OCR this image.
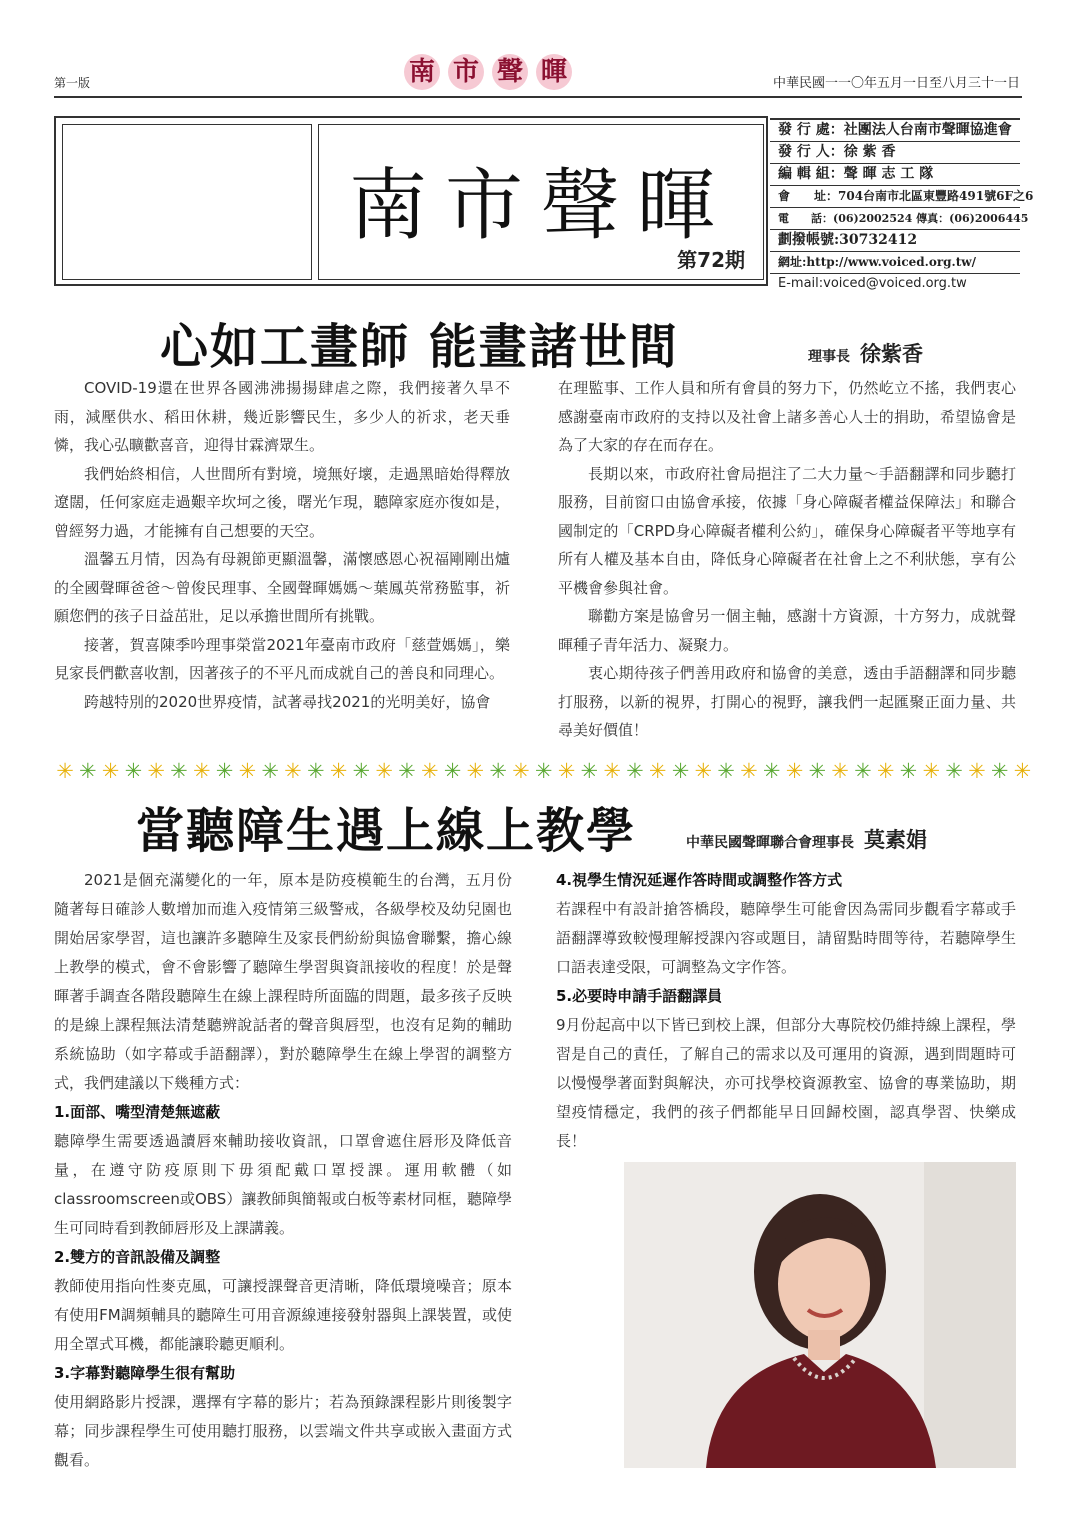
第一版	南 市 聲 暉	中華民國一一〇年五月一日至八月三十一日
南市聲暉
第72期
發 行 處：社團法人台南市聲暉協進會
發 行 人：徐 紫 香
編 輯 組：聲 暉 志 工 隊
會　　址：704台南市北區東豐路491號6F之6
電　　話：(06)2002524 傳真：(06)2006445
劃撥帳號:30732412
網址:http://www.voiced.org.tw/
E-mail:voiced@voiced.org.tw
心如工畫師 能畫諸世間	理事長 徐紫香

COVID-19還在世界各國沸沸揚揚肆虐之際，我們接著久旱不雨，減壓供水、稻田休耕，幾近影響民生，多少人的祈求，老天垂憐，我心弘曠歡喜音，迎得甘霖濟眾生。

我們始終相信，人世間所有對境，境無好壞，走過黑暗始得釋放遼闊，任何家庭走過艱辛坎坷之後，曙光乍現，聽障家庭亦復如是，曾經努力過，才能擁有自己想要的天空。

溫馨五月情，因為有母親節更顯溫馨，滿懷感恩心祝福剛剛出爐的全國聲暉爸爸～曾俊民理事、全國聲暉媽媽～葉鳳英常務監事，祈願您們的孩子日益茁壯，足以承擔世間所有挑戰。

接著，賀喜陳季吟理事榮當2021年臺南市政府「慈萱媽媽」，樂見家長們歡喜收割，因著孩子的不平凡而成就自己的善良和同理心。

跨越特別的2020世界疫情，試著尋找2021的光明美好，協會

在理監事、工作人員和所有會員的努力下，仍然屹立不搖，我們衷心感謝臺南市政府的支持以及社會上諸多善心人士的捐助，希望協會是為了大家的存在而存在。

長期以來，市政府社會局挹注了二大力量～手語翻譯和同步聽打服務，目前窗口由協會承接，依據「身心障礙者權益保障法」和聯合國制定的「CRPD身心障礙者權利公約」，確保身心障礙者平等地享有所有人權及基本自由，降低身心障礙者在社會上之不利狀態，享有公平機會參與社會。

聯勸方案是協會另一個主軸，感謝十方資源，十方努力，成就聲暉種子青年活力、凝聚力。

衷心期待孩子們善用政府和協會的美意，透由手語翻譯和同步聽打服務，以新的視界，打開心的視野，讓我們一起匯聚正面力量、共尋美好價值！

✳ ✳ ✳ ✳ ✳ ✳ ✳ ✳ ✳ ✳ ✳ ✳ ✳ ✳ ✳ ✳ ✳ ✳ ✳ ✳ ✳ ✳ ✳ ✳ ✳ ✳ ✳ ✳ ✳ ✳ ✳ ✳ ✳ ✳ ✳ ✳ ✳ ✳ ✳ ✳ ✳ ✳ ✳
當聽障生遇上線上教學	中華民國聲暉聯合會理事長 莫素娟

2021是個充滿變化的一年，原本是防疫模範生的台灣，五月份隨著每日確診人數增加而進入疫情第三級警戒，各級學校及幼兒園也開始居家學習，這也讓許多聽障生及家長們紛紛與協會聯繫，擔心線上教學的模式，會不會影響了聽障生學習與資訊接收的程度！於是聲暉著手調查各階段聽障生在線上課程時所面臨的問題，最多孩子反映的是線上課程無法清楚聽辨說話者的聲音與唇型，也沒有足夠的輔助系統協助（如字幕或手語翻譯），對於聽障學生在線上學習的調整方式，我們建議以下幾種方式：

1.面部、嘴型清楚無遮蔽

聽障學生需要透過讀唇來輔助接收資訊，口罩會遮住唇形及降低音量，在遵守防疫原則下毋須配戴口罩授課。運用軟體（如classroomscreen或OBS）讓教師與簡報或白板等素材同框，聽障學生可同時看到教師唇形及上課講義。

2.雙方的音訊設備及調整

教師使用指向性麥克風，可讓授課聲音更清晰，降低環境噪音；原本有使用FM調頻輔具的聽障生可用音源線連接發射器與上課裝置，或使用全罩式耳機，都能讓聆聽更順利。

3.字幕對聽障學生很有幫助

使用網路影片授課，選擇有字幕的影片；若為預錄課程影片則後製字幕；同步課程學生可使用聽打服務，以雲端文件共享或嵌入畫面方式觀看。

4.視學生情況延遲作答時間或調整作答方式

若課程中有設計搶答橋段，聽障學生可能會因為需同步觀看字幕或手語翻譯導致較慢理解授課內容或題目，請留點時間等待，若聽障學生口語表達受限，可調整為文字作答。

5.必要時申請手語翻譯員

9月份起高中以下皆已到校上課，但部分大專院校仍維持線上課程，學習是自己的責任，了解自己的需求以及可運用的資源，遇到問題時可以慢慢學著面對與解決，亦可找學校資源教室、協會的專業協助，期望疫情穩定，我們的孩子們都能早日回歸校園，認真學習、快樂成長！
